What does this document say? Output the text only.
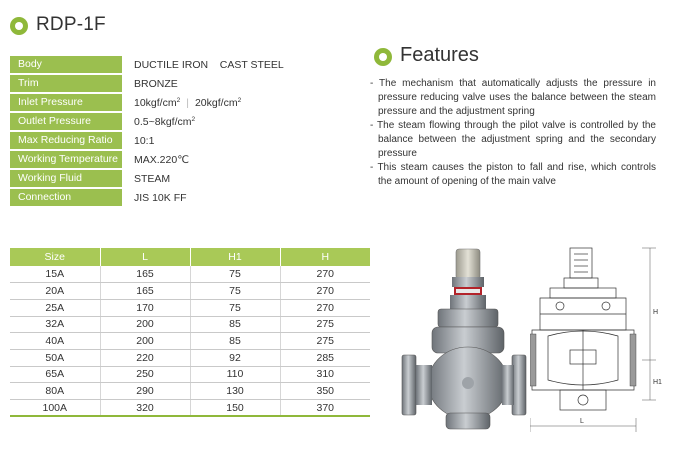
RDP-1F
Body	DUCTILE IRON    CAST STEEL
Trim	BRONZE
Inlet Pressure	$10kgf/cm^2$ | $20kgf/cm^2$
Outlet Pressure	$0.5\sim 8kgf/cm^2$
Max Reducing Ratio	10:1
Working Temperature	MAX.220℃
Working Fluid	STEAM
Connection	JIS 10K FF
Features
- The mechanism that automatically adjusts the pressure in pressure reducing valve uses the balance between the steam pressure and the adjustment spring
- The steam flowing through the pilot valve is controlled by the balance between the adjustment spring and the secondary pressure
- This steam causes the piston to fall and rise, which controls the amount of opening of the main valve
Size	L	H1	H
15A	165	75	270
20A	165	75	270
25A	170	75	270
32A	200	85	275
40A	200	85	275
50A	220	92	285
65A	250	110	310
80A	290	130	350
100A	320	150	370
H
H1
L
